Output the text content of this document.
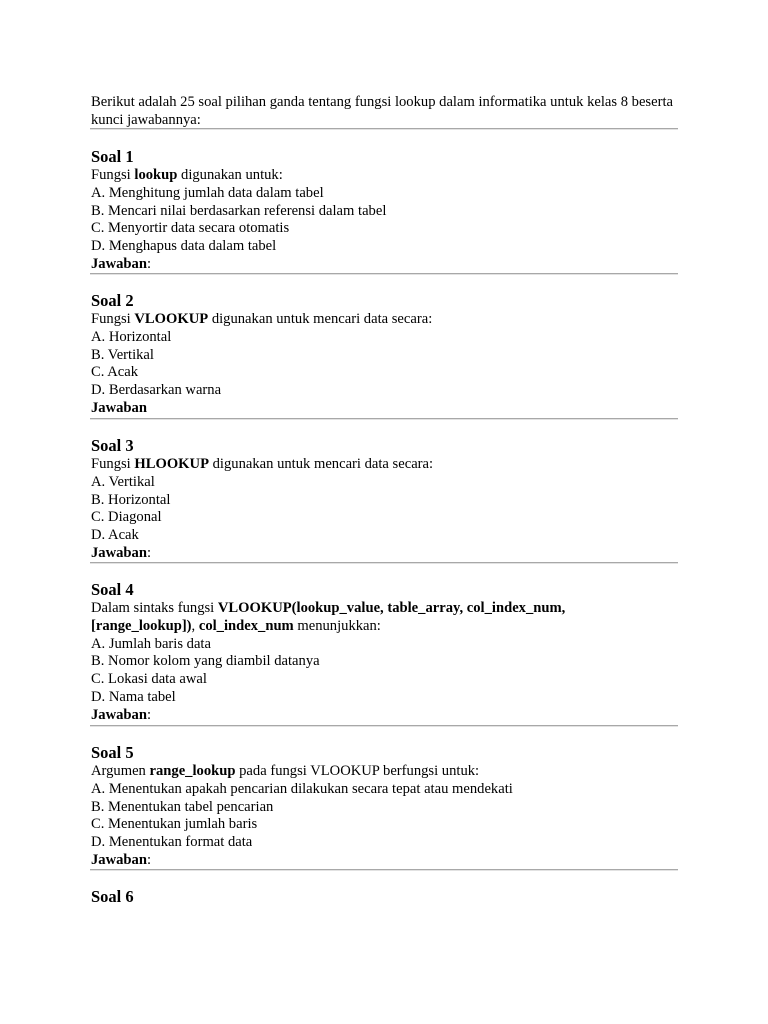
Berikut adalah 25 soal pilihan ganda tentang fungsi lookup dalam informatika untuk kelas 8 beserta kunci jawabannya:
Soal 1
Fungsi lookup digunakan untuk:
A. Menghitung jumlah data dalam tabel
B. Mencari nilai berdasarkan referensi dalam tabel
C. Menyortir data secara otomatis
D. Menghapus data dalam tabel
Jawaban:
Soal 2
Fungsi VLOOKUP digunakan untuk mencari data secara:
A. Horizontal
B. Vertikal
C. Acak
D. Berdasarkan warna
Jawaban
Soal 3
Fungsi HLOOKUP digunakan untuk mencari data secara:
A. Vertikal
B. Horizontal
C. Diagonal
D. Acak
Jawaban:
Soal 4
Dalam sintaks fungsi VLOOKUP(lookup_value, table_array, col_index_num, [range_lookup]), col_index_num menunjukkan:
A. Jumlah baris data
B. Nomor kolom yang diambil datanya
C. Lokasi data awal
D. Nama tabel
Jawaban:
Soal 5
Argumen range_lookup pada fungsi VLOOKUP berfungsi untuk:
A. Menentukan apakah pencarian dilakukan secara tepat atau mendekati
B. Menentukan tabel pencarian
C. Menentukan jumlah baris
D. Menentukan format data
Jawaban:
Soal 6
